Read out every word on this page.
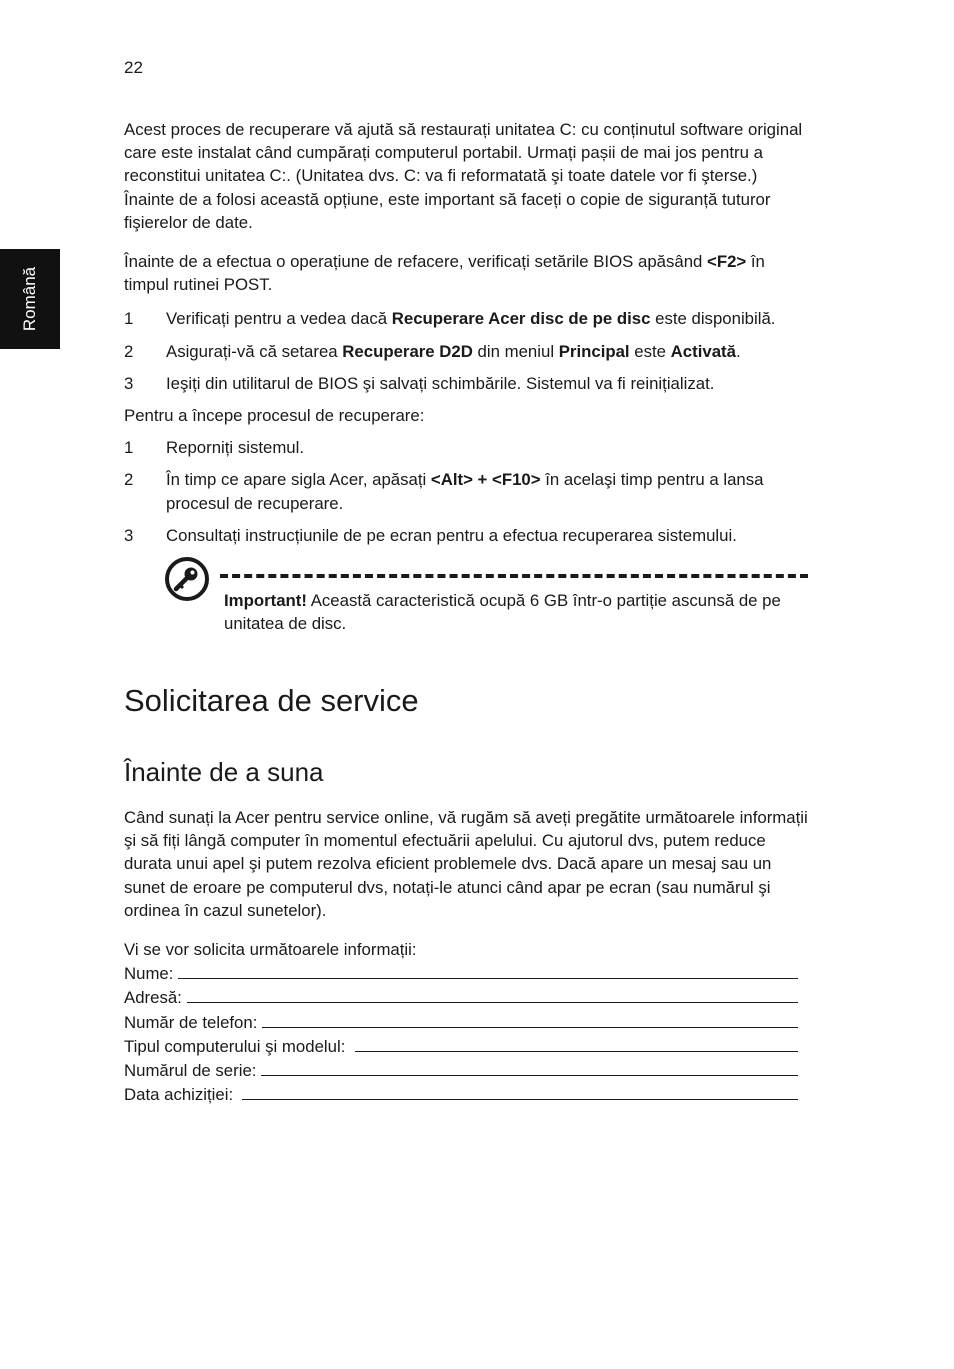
22
Română

Acest proces de recuperare vă ajută să restaurați unitatea C: cu conținutul software original care este instalat când cumpărați computerul portabil. Urmați pașii de mai jos pentru a reconstitui unitatea C:. (Unitatea dvs. C: va fi reformatată şi toate datele vor fi şterse.) Înainte de a folosi această opțiune, este important să faceți o copie de siguranță tuturor fişierelor de date.

Înainte de a efectua o operațiune de refacere, verificați setările BIOS apăsând <F2> în timpul rutinei POST.

1 Verificați pentru a vedea dacă Recuperare Acer disc de pe disc este disponibilă.
2 Asigurați-vă că setarea Recuperare D2D din meniul Principal este Activată.
3 Ieşiți din utilitarul de BIOS şi salvați schimbările. Sistemul va fi reinițializat.

Pentru a începe procesul de recuperare:

1 Reporniți sistemul.
2 În timp ce apare sigla Acer, apăsați <Alt> + <F10> în acelaşi timp pentru a lansa procesul de recuperare.
3 Consultați instrucțiunile de pe ecran pentru a efectua recuperarea sistemului.

Important! Această caracteristică ocupă 6 GB într-o partiție ascunsă de pe unitatea de disc.

Solicitarea de service
Înainte de a suna

Când sunați la Acer pentru service online, vă rugăm să aveți pregătite următoarele informații şi să fiți lângă computer în momentul efectuării apelului. Cu ajutorul dvs, putem reduce durata unui apel şi putem rezolva eficient problemele dvs. Dacă apare un mesaj sau un sunet de eroare pe computerul dvs, notați-le atunci când apar pe ecran (sau numărul şi ordinea în cazul sunetelor).

Vi se vor solicita următoarele informații:

Nume:
Adresă:
Număr de telefon:
Tipul computerului şi modelul:
Numărul de serie:
Data achiziției:
